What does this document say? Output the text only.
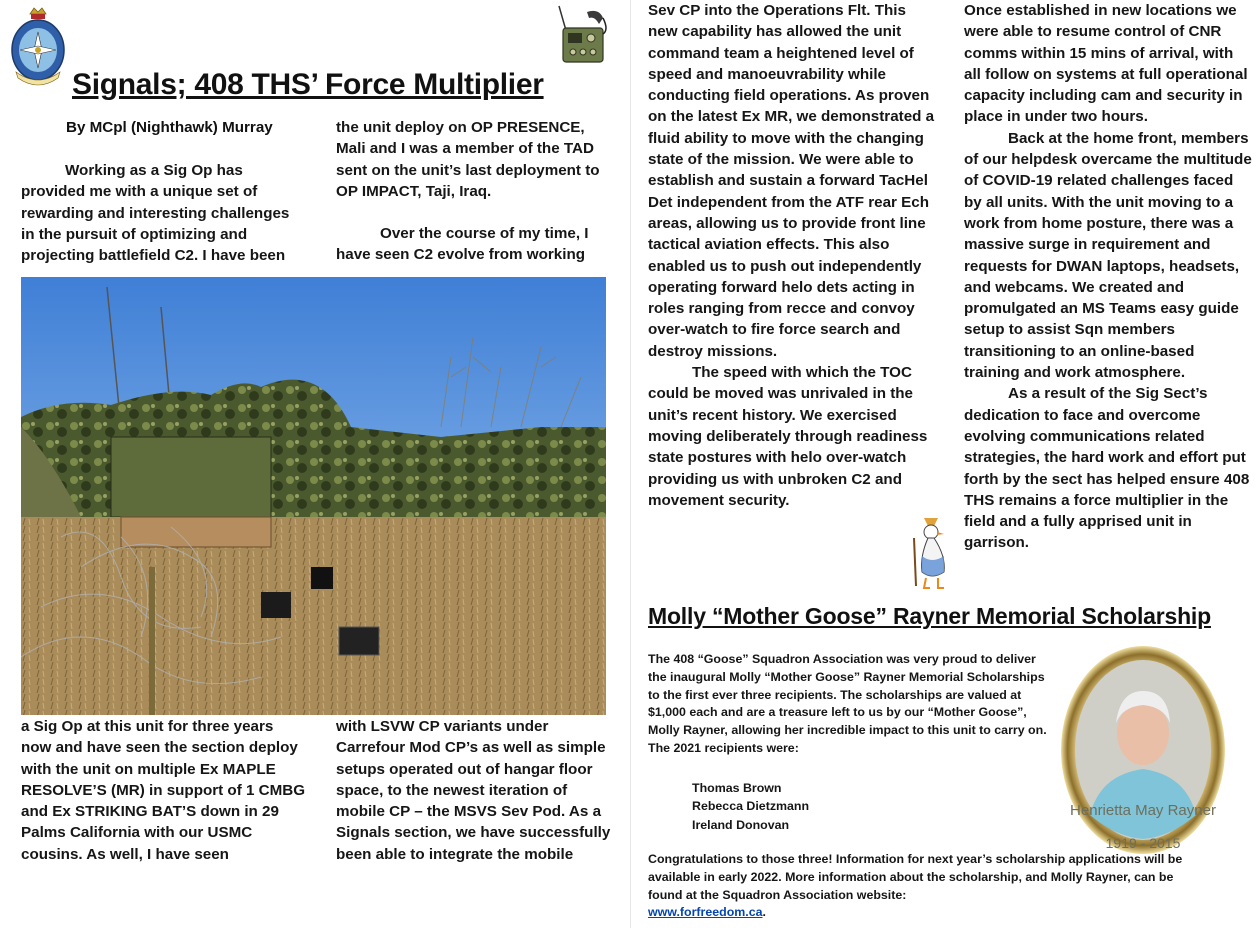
Signals; 408 THS’ Force Multiplier
By MCpl (Nighthawk) Murray

Working as a Sig Op has provided me with a unique set of rewarding and interesting challenges in the pursuit of optimizing and projecting battlefield C2. I have been

the unit deploy on OP PRESENCE, Mali and I was a member of the TAD sent on the unit’s last deployment to OP IMPACT, Taji, Iraq.

Over the course of my time, I have seen C2 evolve from working

a Sig Op at this unit for three years now and have seen the section deploy with the unit on multiple Ex MAPLE RESOLVE’S (MR) in support of 1 CMBG and Ex STRIKING BAT’S down in 29 Palms California with our USMC cousins. As well, I have seen

with LSVW CP variants under Carrefour Mod CP’s as well as simple setups operated out of hangar floor space, to the newest iteration of mobile CP – the MSVS Sev Pod. As a Signals section, we have successfully been able to integrate the mobile

Sev CP into the Operations Flt. This new capability has allowed the unit command team a heightened level of speed and manoeuvrability while conducting field operations. As proven on the latest Ex MR, we demonstrated a fluid ability to move with the changing state of the mission. We were able to establish and sustain a forward TacHel Det independent from the ATF rear Ech areas, allowing us to provide front line tactical aviation effects. This also enabled us to push out independently operating forward helo dets acting in roles ranging from recce and convoy over-watch to fire force search and destroy missions.

The speed with which the TOC could be moved was unrivaled in the unit’s recent history. We exercised moving deliberately through readiness state postures with helo over-watch providing us with unbroken C2 and movement security.

Once established in new locations we were able to resume control of CNR comms within 15 mins of arrival, with all follow on systems at full operational capacity including cam and security in place in under two hours.

Back at the home front, members of our helpdesk overcame the multitude of COVID-19 related challenges faced by all units. With the unit moving to a work from home posture, there was a massive surge in requirement and requests for DWAN laptops, headsets, and webcams. We created and promulgated an MS Teams easy guide setup to assist Sqn members transitioning to an online-based training and work atmosphere.

As a result of the Sig Sect’s dedication to face and overcome evolving communications related strategies, the hard work and effort put forth by the sect has helped ensure 408 THS remains a force multiplier in the field and a fully apprised unit in garrison.

Molly “Mother Goose” Rayner Memorial Scholarship
The 408 “Goose” Squadron Association was very proud to deliver the inaugural Molly “Mother Goose” Rayner Memorial Scholarships to the first ever three recipients. The scholarships are valued at $1,000 each and are a treasure left to us by our “Mother Goose”, Molly Rayner, allowing her incredible impact to this unit to carry on. The 2021 recipients were:
Thomas Brown
Rebecca Dietzmann
Ireland Donovan
Congratulations to those three! Information for next year’s scholarship applications will be available in early 2022. More information about the scholarship, and Molly Rayner, can be found at the Squadron Association website:
www.forfreedom.ca.
Henrietta May Rayner
1919 - 2015
